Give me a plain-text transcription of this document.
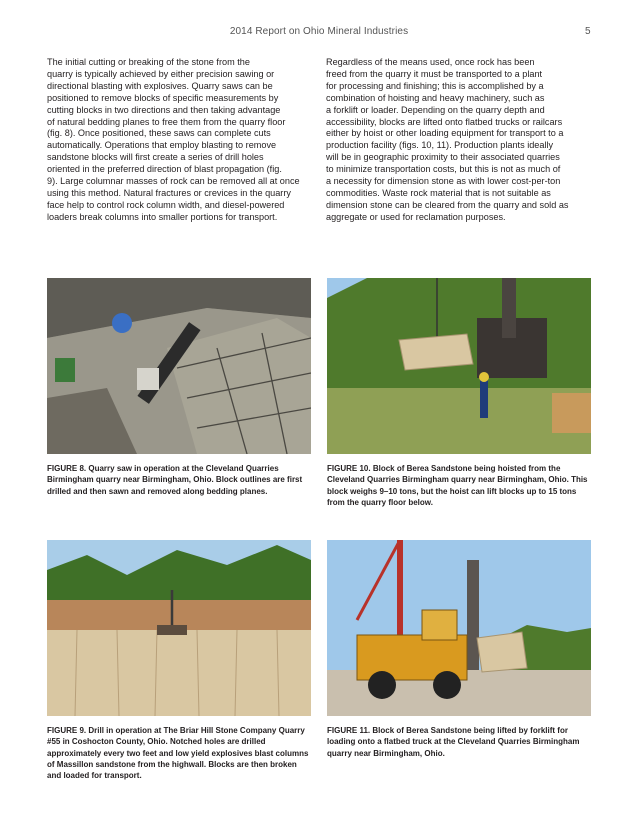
2014 Report on Ohio Mineral Industries	5
The initial cutting or breaking of the stone from the
quarry is typically achieved by either precision sawing or
directional blasting with explosives. Quarry saws can be
positioned to remove blocks of specific measurements by
cutting blocks in two directions and then taking advantage
of natural bedding planes to free them from the quarry floor
(fig. 8). Once positioned, these saws can complete cuts
automatically. Operations that employ blasting to remove
sandstone blocks will first create a series of drill holes
oriented in the preferred direction of blast propagation (fig.
9). Large columnar masses of rock can be removed all at once
using this method. Natural fractures or crevices in the quarry
face help to control rock column width, and diesel-powered
loaders break columns into smaller portions for transport.
Regardless of the means used, once rock has been
freed from the quarry it must be transported to a plant
for processing and finishing; this is accomplished by a
combination of hoisting and heavy machinery, such as
a forklift or loader. Depending on the quarry depth and
accessibility, blocks are lifted onto flatbed trucks or railcars
either by hoist or other loading equipment for transport to a
production facility (figs. 10, 11). Production plants ideally
will be in geographic proximity to their associated quarries
to minimize transportation costs, but this is not as much of
a necessity for dimension stone as with lower cost-per-ton
commodities. Waste rock material that is not suitable as
dimension stone can be cleared from the quarry and sold as
aggregate or used for reclamation purposes.
FIGURE 8. Quarry saw in operation at the Cleveland Quarries Birmingham quarry near Birmingham, Ohio. Block outlines are first drilled and then sawn and removed along bedding planes.
FIGURE 10. Block of Berea Sandstone being hoisted from the Cleveland Quarries Birmingham quarry near Birmingham, Ohio. This block weighs 9–10 tons, but the hoist can lift blocks up to 15 tons from the quarry floor below.
FIGURE 9. Drill in operation at The Briar Hill Stone Company Quarry #55 in Coshocton County, Ohio. Notched holes are drilled approximately every two feet and low yield explosives blast columns of Massillon sandstone from the highwall. Blocks are then broken and loaded for transport.
FIGURE 11. Block of Berea Sandstone being lifted by forklift for loading onto a flatbed truck at the Cleveland Quarries Birmingham quarry near Birmingham, Ohio.
